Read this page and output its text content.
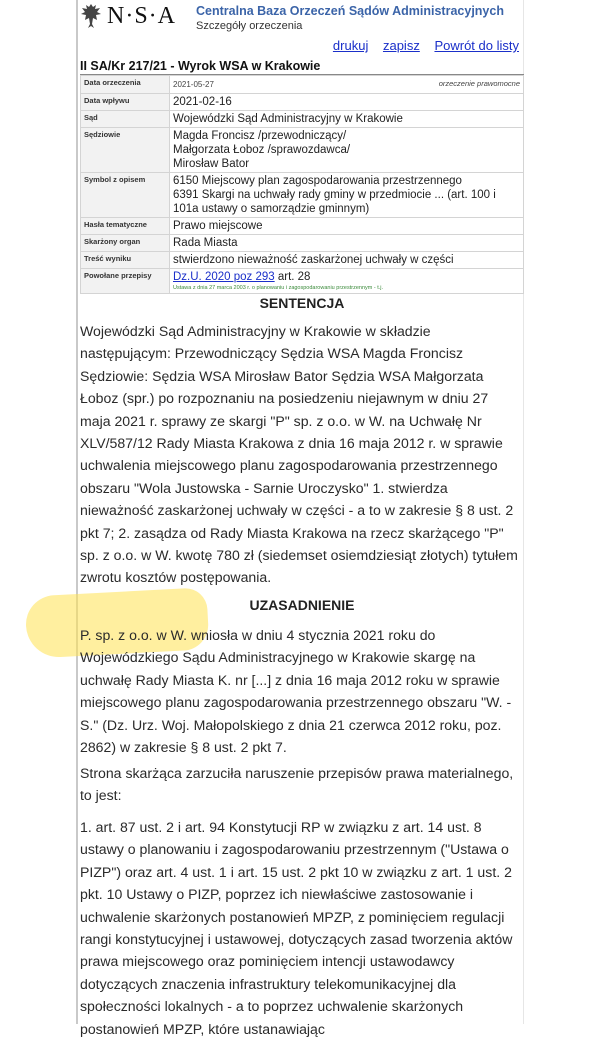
N·S·A Centralna Baza Orzeczeń Sądów Administracyjnych
Szczegóły orzeczenia
drukuj zapisz Powrót do listy
II SA/Kr 217/21 - Wyrok WSA w Krakowie
Data orzeczenia	2021-05-27 orzeczenie prawomocne

Data wpływu	2021-02-16
Sąd	Wojewódzki Sąd Administracyjny w Krakowie
Sędziowie	Magda Froncisz /przewodniczący/
Małgorzata Łoboz /sprawozdawca/
Mirosław Bator

Symbol z opisem	6150 Miejscowy plan zagospodarowania przestrzennego
6391 Skargi na uchwały rady gminy w przedmiocie ... (art. 100 i 101a ustawy o samorządzie gminnym)

Hasła tematyczne	Prawo miejscowe
Skarżony organ	Rada Miasta
Treść wyniku	stwierdzono nieważność zaskarżonej uchwały w części
Powołane przepisy	Dz.U. 2020 poz 293 art. 28
Ustawa z dnia 27 marca 2003 r. o planowaniu i zagospodarowaniu przestrzennym - t.j.
SENTENCJA
Wojewódzki Sąd Administracyjny w Krakowie w składzie następującym: Przewodniczący Sędzia WSA Magda Froncisz Sędziowie: Sędzia WSA Mirosław Bator Sędzia WSA Małgorzata Łoboz (spr.) po rozpoznaniu na posiedzeniu niejawnym w dniu 27 maja 2021 r. sprawy ze skargi "P" sp. z o.o. w W. na Uchwałę Nr XLV/587/12 Rady Miasta Krakowa z dnia 16 maja 2012 r. w sprawie uchwalenia miejscowego planu zagospodarowania przestrzennego obszaru "Wola Justowska - Sarnie Uroczysko" 1. stwierdza nieważność zaskarżonej uchwały w części - a to w zakresie § 8 ust. 2 pkt 7; 2. zasądza od Rady Miasta Krakowa na rzecz skarżącego "P" sp. z o.o. w W. kwotę 780 zł (siedemset osiemdziesiąt złotych) tytułem zwrotu kosztów postępowania.
UZASADNIENIE
P. sp. z o.o. w W. wniosła w dniu 4 stycznia 2021 roku do Wojewódzkiego Sądu Administracyjnego w Krakowie skargę na uchwałę Rady Miasta K. nr [...] z dnia 16 maja 2012 roku w sprawie miejscowego planu zagospodarowania przestrzennego obszaru "W. -S." (Dz. Urz. Woj. Małopolskiego z dnia 21 czerwca 2012 roku, poz. 2862) w zakresie § 8 ust. 2 pkt 7.
Strona skarżąca zarzuciła naruszenie przepisów prawa materialnego, to jest:
1. art. 87 ust. 2 i art. 94 Konstytucji RP w związku z art. 14 ust. 8 ustawy o planowaniu i zagospodarowaniu przestrzennym ("Ustawa o PIZP") oraz art. 4 ust. 1 i art. 15 ust. 2 pkt 10 w związku z art. 1 ust. 2 pkt. 10 Ustawy o PIZP, poprzez ich niewłaściwe zastosowanie i uchwalenie skarżonych postanowień MPZP, z pominięciem regulacji rangi konstytucyjnej i ustawowej, dotyczących zasad tworzenia aktów prawa miejscowego oraz pominięciem intencji ustawodawcy dotyczących znaczenia infrastruktury telekomunikacyjnej dla społeczności lokalnych - a to poprzez uchwalenie skarżonych postanowień MPZP, które ustanawiając
